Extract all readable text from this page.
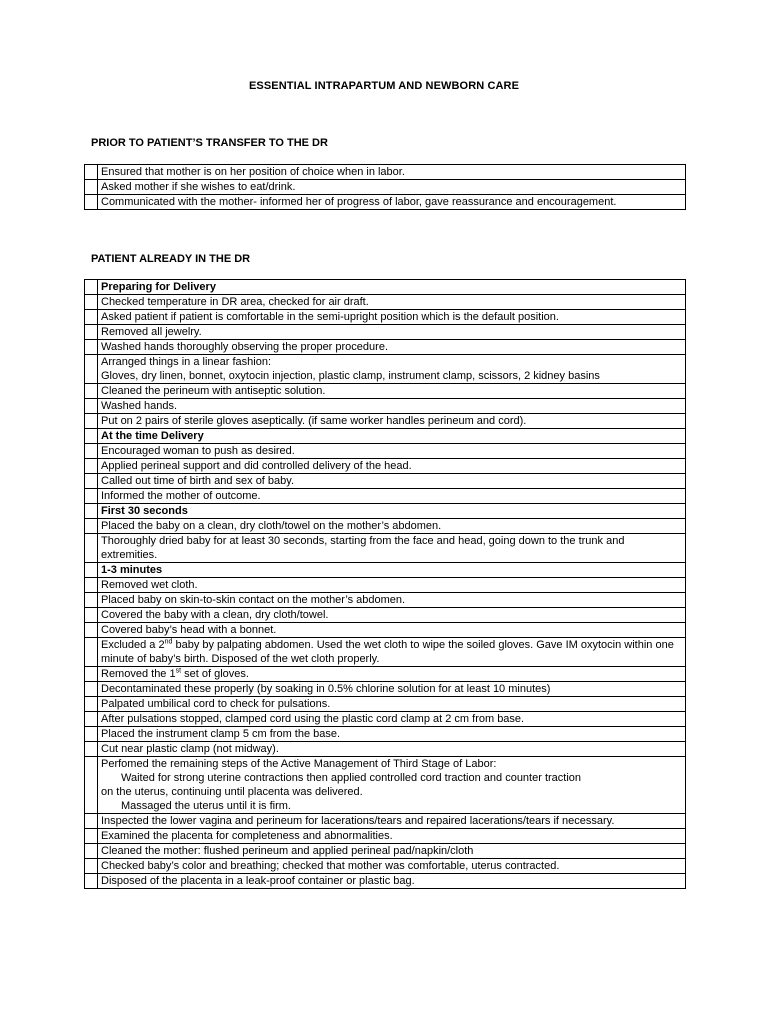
ESSENTIAL INTRAPARTUM AND NEWBORN CARE
PRIOR TO PATIENT’S TRANSFER TO THE DR
	Ensured that mother is on her position of choice when in labor.
	Asked mother if she wishes to eat/drink.
	Communicated with the mother- informed her of progress of labor, gave reassurance and encouragement.
PATIENT ALREADY IN THE DR
	Preparing for Delivery
	Checked temperature in DR area, checked for air draft.
	Asked patient if patient is comfortable in the semi-upright position which is the default position.
	Removed all jewelry.
	Washed hands thoroughly observing the proper procedure.

	Arranged things in a linear fashion:
Gloves, dry linen, bonnet, oxytocin injection, plastic clamp, instrument clamp, scissors, 2 kidney basins

	Cleaned the perineum with antiseptic solution.
	Washed hands.
	Put on 2 pairs of sterile gloves aseptically. (if same worker handles perineum and cord).
	At the time Delivery
	Encouraged woman to push as desired.
	Applied perineal support and did controlled delivery of the head.
	Called out time of birth and sex of baby.
	Informed the mother of outcome.
	First 30 seconds
	Placed the baby on a clean, dry cloth/towel on the mother’s abdomen.
	Thoroughly dried baby for at least 30 seconds, starting from the face and head, going down to the trunk and extremities.
	1-3 minutes
	Removed wet cloth.
	Placed baby on skin-to-skin contact on the mother’s abdomen.
	Covered the baby with a clean, dry cloth/towel.
	Covered baby’s head with a bonnet.
	Excluded a 2nd baby by palpating abdomen. Used the wet cloth to wipe the soiled gloves. Gave IM oxytocin within one minute of baby’s birth. Disposed of the wet cloth properly.
	Removed the 1st set of gloves.
	Decontaminated these properly (by soaking in 0.5% chlorine solution for at least 10 minutes)
	Palpated umbilical cord to check for pulsations.
	After pulsations stopped, clamped cord using the plastic cord clamp at 2 cm from base.
	Placed the instrument clamp 5 cm from the base.
	Cut near plastic clamp (not midway).

	Perfomed the remaining steps of the Active Management of Third Stage of Labor:
Waited for strong uterine contractions then applied controlled cord traction and counter traction
on the uterus, continuing until placenta was delivered.
Massaged the uterus until it is firm.

	Inspected the lower vagina and perineum for lacerations/tears and repaired lacerations/tears if necessary.
	Examined the placenta for completeness and abnormalities.
	Cleaned the mother: flushed perineum and applied perineal pad/napkin/cloth
	Checked baby’s color and breathing; checked that mother was comfortable, uterus contracted.
	Disposed of the placenta in a leak-proof container or plastic bag.
